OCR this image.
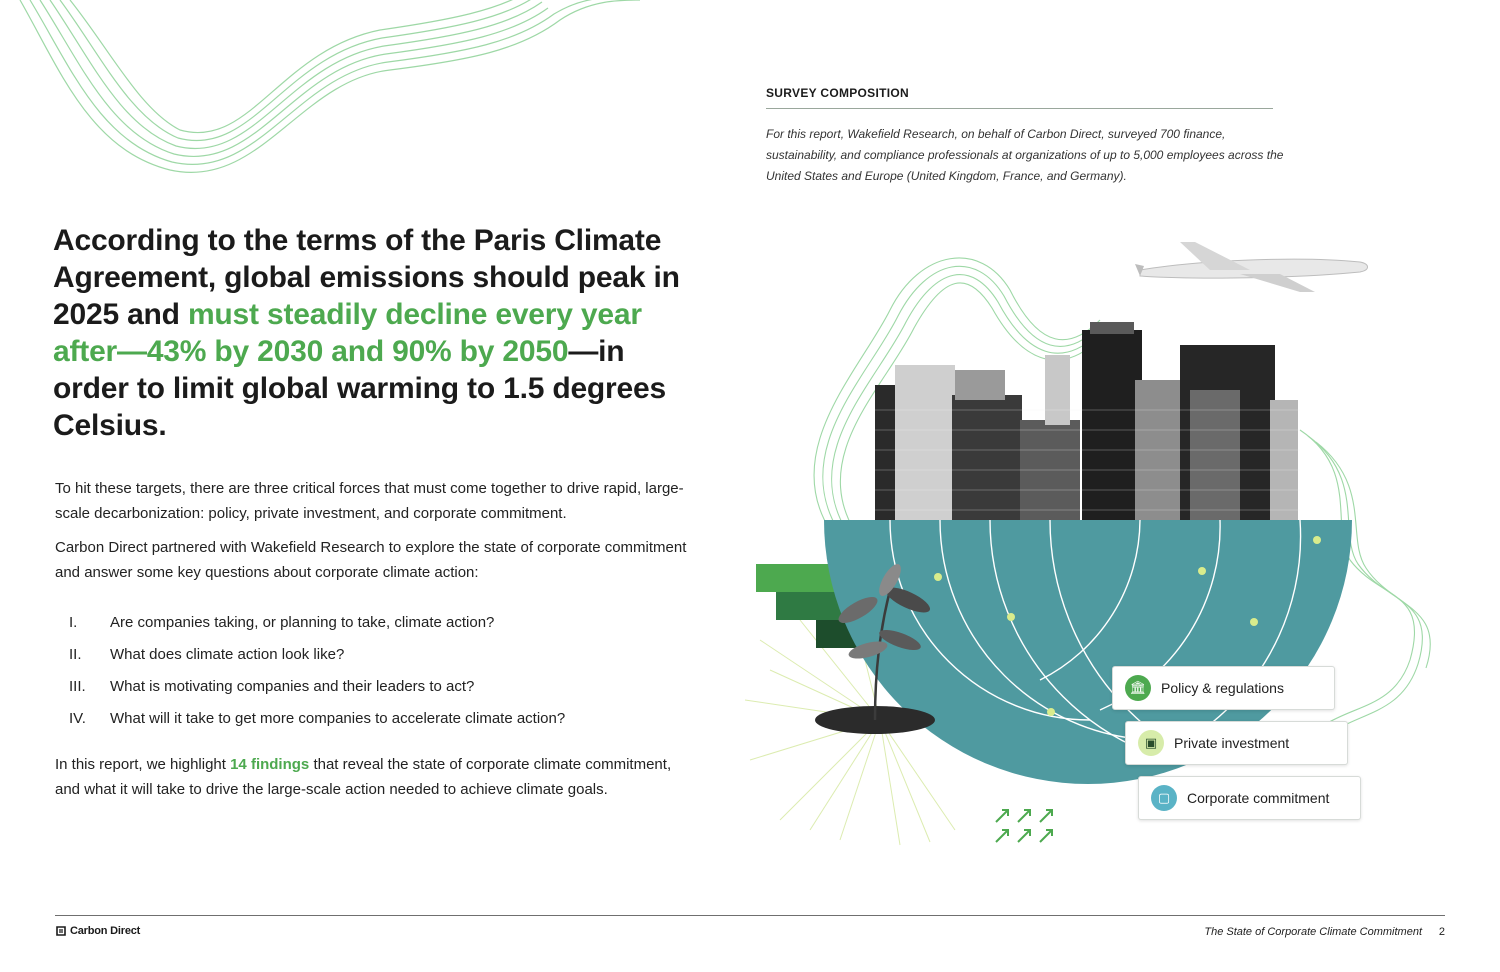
SURVEY COMPOSITION
For this report, Wakefield Research, on behalf of Carbon Direct, surveyed 700 finance, sustainability, and compliance professionals at organizations of up to 5,000 employees across the United States and Europe (United Kingdom, France, and Germany).
According to the terms of the Paris Climate Agreement, global emissions should peak in 2025 and must steadily decline every year after—43% by 2030 and 90% by 2050—in order to limit global warming to 1.5 degrees Celsius.
To hit these targets, there are three critical forces that must come together to drive rapid, large-scale decarbonization: policy, private investment, and corporate commitment.
Carbon Direct partnered with Wakefield Research to explore the state of corporate commitment and answer some key questions about corporate climate action:
I.	Are companies taking, or planning to take, climate action?
II.	What does climate action look like?
III.	What is motivating companies and their leaders to act?
IV.	What will it take to get more companies to accelerate climate action?
In this report, we highlight 14 findings that reveal the state of corporate climate commitment, and what it will take to drive the large-scale action needed to achieve climate goals.
🏛	Policy & regulations
▣	Private investment
▢	Corporate commitment
Carbon Direct	The State of Corporate Climate Commitment 2
